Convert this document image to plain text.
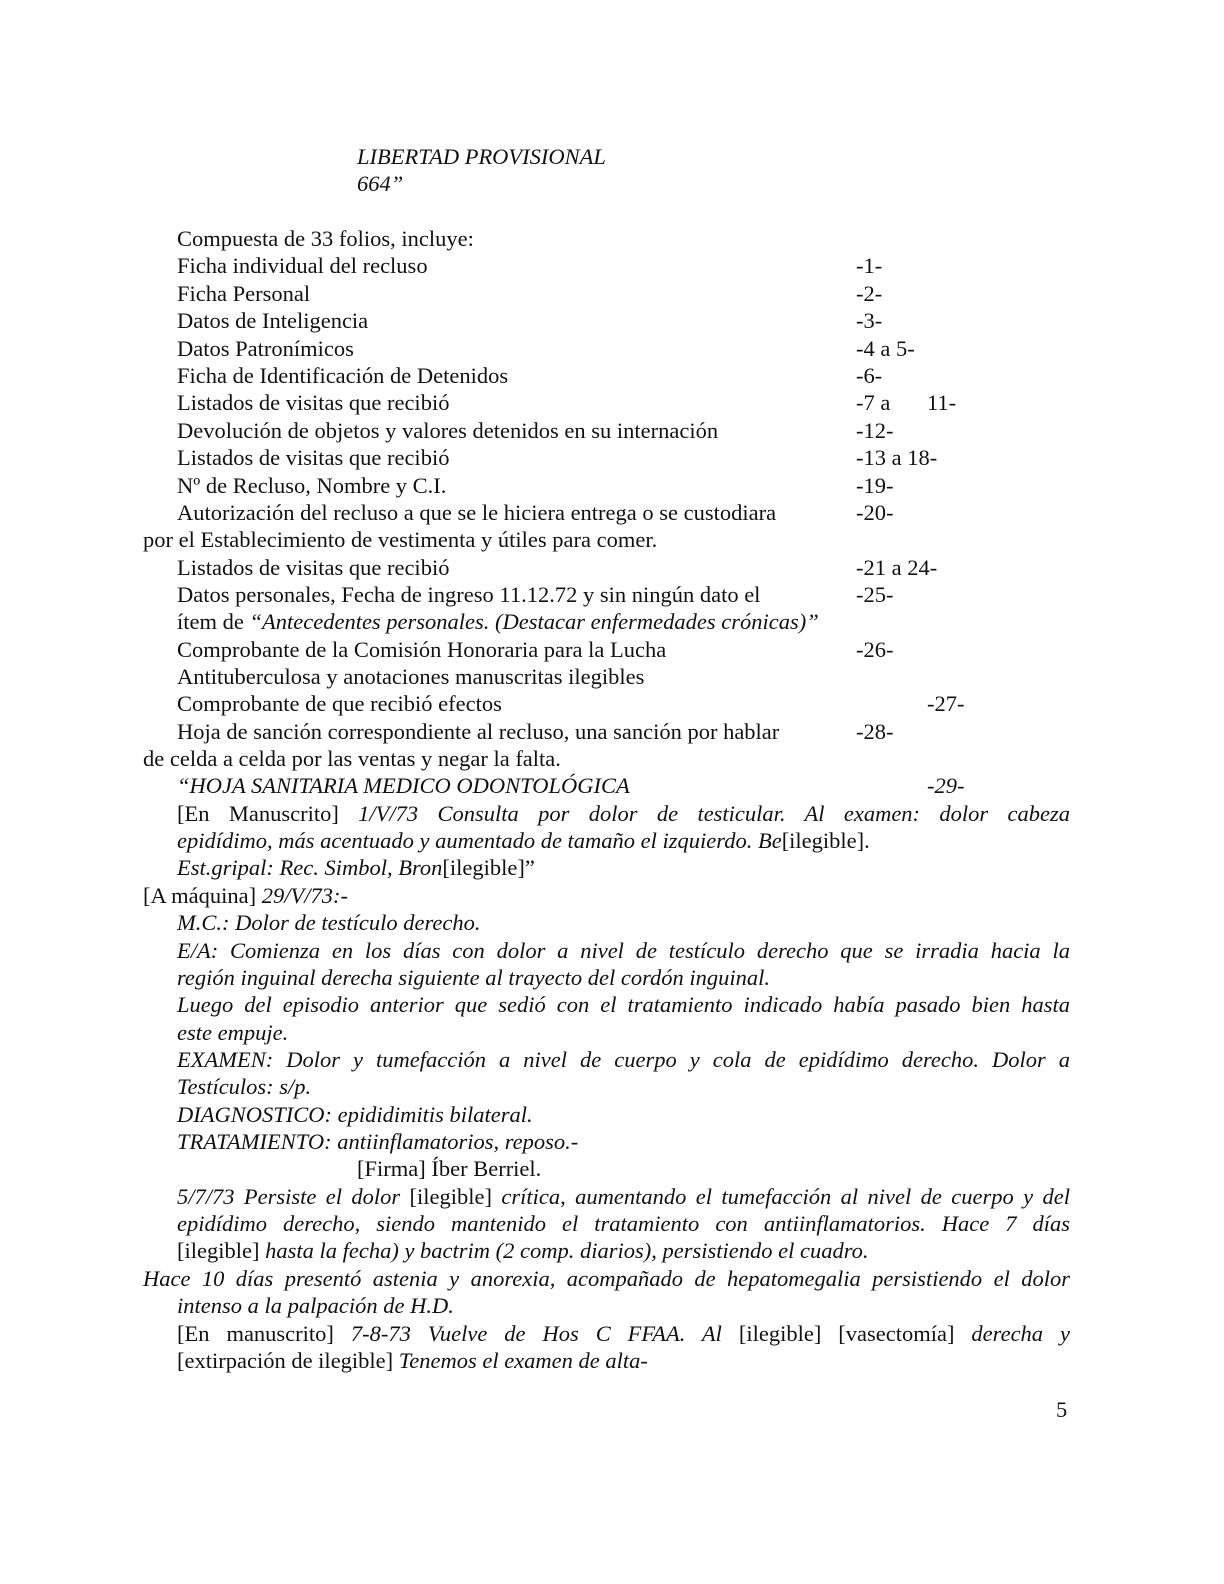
LIBERTAD PROVISIONAL
664”
Compuesta de 33 folios, incluye:
Ficha individual del recluso	-1-
Ficha Personal	-2-
Datos de Inteligencia	-3-
Datos Patronímicos	-4 a 5-
Ficha de Identificación de Detenidos	-6-
Listados de visitas que recibió	-7 a 11-
Devolución de objetos y valores detenidos en su internación	-12-
Listados de visitas que recibió	-13 a 18-
Nº de Recluso, Nombre y C.I.	-19-
Autorización del recluso a que se le hiciera entrega o se custodiara	-20-
por el Establecimiento de vestimenta y útiles para comer.
Listados de visitas que recibió	-21 a 24-
Datos personales, Fecha de ingreso 11.12.72 y sin ningún dato el	-25-
ítem de “Antecedentes personales. (Destacar enfermedades crónicas)”
Comprobante de la Comisión Honoraria para la Lucha	-26-
Antituberculosa y anotaciones manuscritas ilegibles
Comprobante de que recibió efectos	-27-
Hoja de sanción correspondiente al recluso, una sanción por hablar	-28-
de celda a celda por las ventas y negar la falta.
“HOJA SANITARIA MEDICO ODONTOLÓGICA	-29-
[En Manuscrito] 1/V/73 Consulta por dolor de testicular. Al examen: dolor cabeza
epidídimo, más acentuado y aumentado de tamaño el izquierdo. Be[ilegible].
Est.gripal: Rec. Simbol, Bron[ilegible]”
[A máquina] 29/V/73:-
M.C.: Dolor de testículo derecho.
E/A: Comienza en los días con dolor a nivel de testículo derecho que se irradia hacia la
región inguinal derecha siguiente al trayecto del cordón inguinal.
Luego del episodio anterior que sedió con el tratamiento indicado había pasado bien hasta
este empuje.
EXAMEN: Dolor y tumefacción a nivel de cuerpo y cola de epidídimo derecho. Dolor a
Testículos: s/p.
DIAGNOSTICO: epididimitis bilateral.
TRATAMIENTO: antiinflamatorios, reposo.-
[Firma] Íber Berriel.
5/7/73 Persiste el dolor [ilegible] crítica, aumentando el tumefacción al nivel de cuerpo y del
epidídimo derecho, siendo mantenido el tratamiento con antiinflamatorios. Hace 7 días
[ilegible] hasta la fecha) y bactrim (2 comp. diarios), persistiendo el cuadro.
Hace 10 días presentó astenia y anorexia, acompañado de hepatomegalia persistiendo el dolor
intenso a la palpación de H.D.
[En manuscrito] 7-8-73 Vuelve de Hos C FFAA. Al [ilegible] [vasectomía] derecha y
[extirpación de ilegible] Tenemos el examen de alta-
5
